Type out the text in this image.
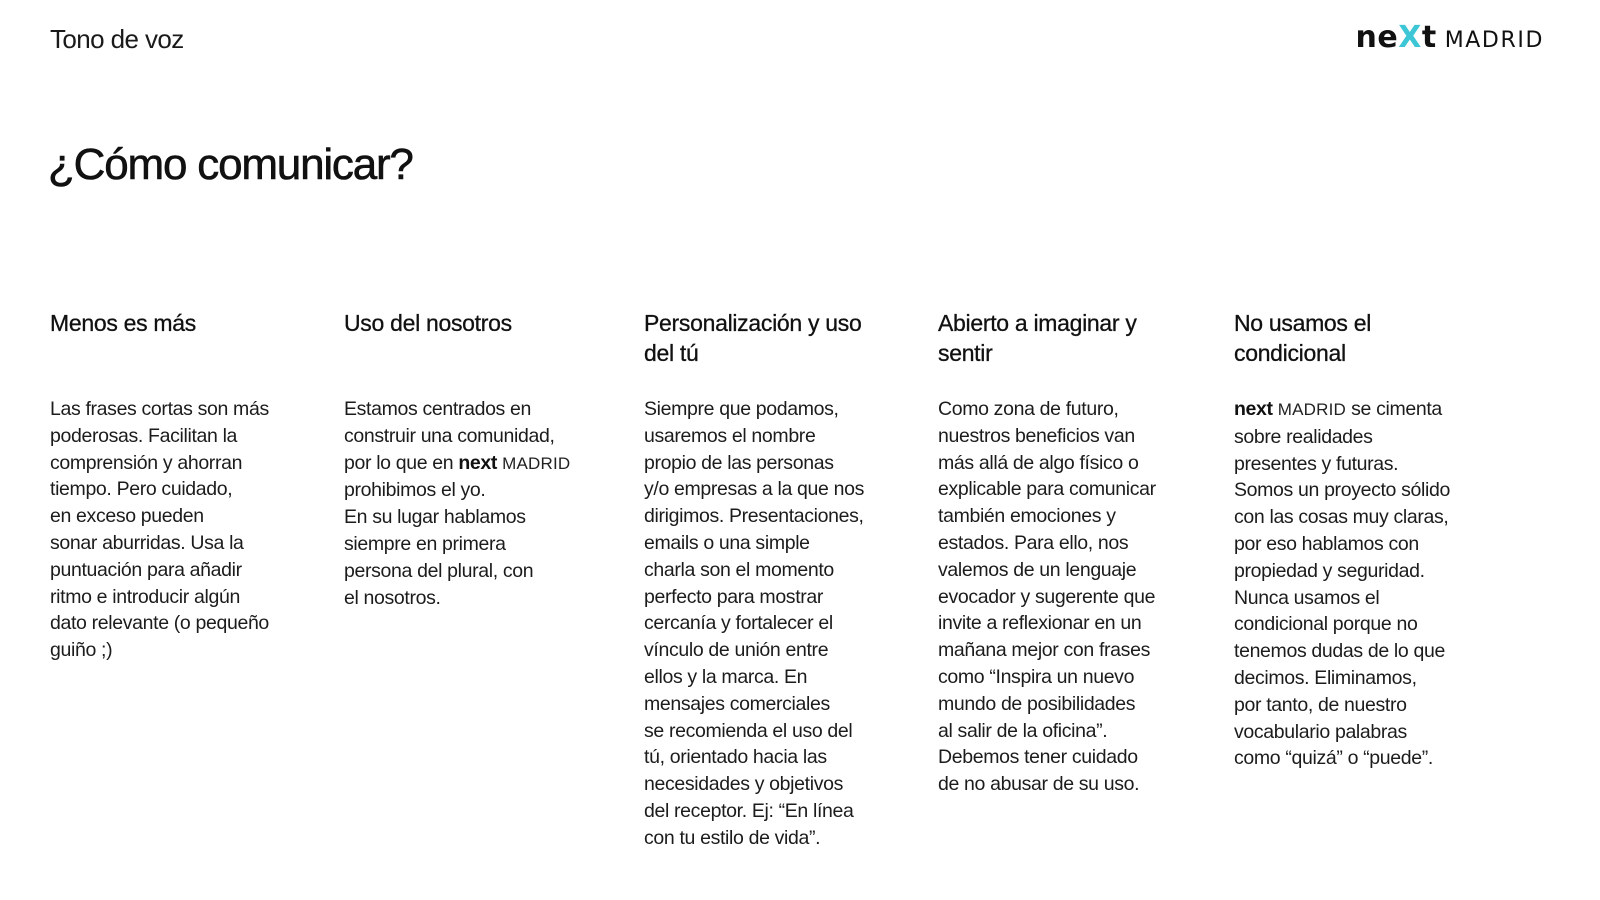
Tono de voz	neXt MADRID
¿Cómo comunicar?
Menos es más

Las frases cortas son más

poderosas. Facilitan la

comprensión y ahorran

tiempo. Pero cuidado,

en exceso pueden

sonar aburridas. Usa la

puntuación para añadir

ritmo e introducir algún

dato relevante (o pequeño

guiño ;)

Uso del nosotros

Estamos centrados en

construir una comunidad,

por lo que en next MADRID

prohibimos el yo.

En su lugar hablamos

siempre en primera

persona del plural, con

el nosotros.

Personalización y uso
del tú

Siempre que podamos,

usaremos el nombre

propio de las personas

y/o empresas a la que nos

dirigimos. Presentaciones,

emails o una simple

charla son el momento

perfecto para mostrar

cercanía y fortalecer el

vínculo de unión entre

ellos y la marca. En

mensajes comerciales

se recomienda el uso del

tú, orientado hacia las

necesidades y objetivos

del receptor. Ej: “En línea

con tu estilo de vida”.

Abierto a imaginar y
sentir

Como zona de futuro,

nuestros beneficios van

más allá de algo físico o

explicable para comunicar

también emociones y

estados. Para ello, nos

valemos de un lenguaje

evocador y sugerente que

invite a reflexionar en un

mañana mejor con frases

como “Inspira un nuevo

mundo de posibilidades

al salir de la oficina”.

Debemos tener cuidado

de no abusar de su uso.

No usamos el
condicional

next MADRID se cimenta

sobre realidades

presentes y futuras.

Somos un proyecto sólido

con las cosas muy claras,

por eso hablamos con

propiedad y seguridad.

Nunca usamos el

condicional porque no

tenemos dudas de lo que

decimos. Eliminamos,

por tanto, de nuestro

vocabulario palabras

como “quizá” o “puede”.
